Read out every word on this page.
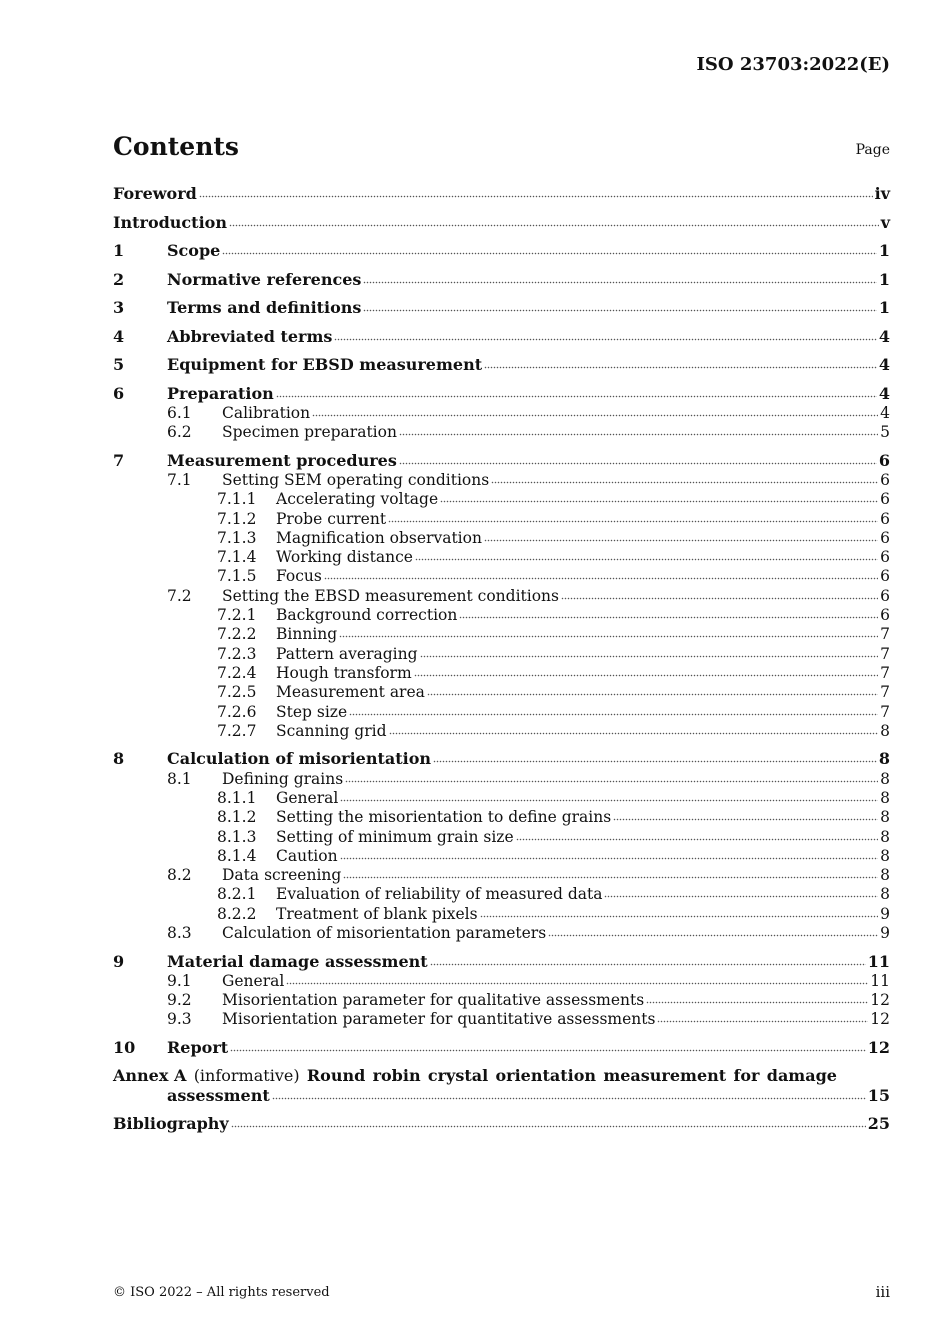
ISO 23703:2022(E)
Contents	Page
Foreword	iv
Introduction	v
1	Scope	1
2	Normative references	1
3	Terms and definitions	1
4	Abbreviated terms	4
5	Equipment for EBSD measurement	4
6	Preparation	4
6.1 Calibration	4
6.2 Specimen preparation	5
7	Measurement procedures	6
7.1 Setting SEM operating conditions	6
7.1.1 Accelerating voltage	6
7.1.2 Probe current	6
7.1.3 Magnification observation	6
7.1.4 Working distance	6
7.1.5 Focus	6
7.2 Setting the EBSD measurement conditions	6
7.2.1 Background correction	6
7.2.2 Binning	7
7.2.3 Pattern averaging	7
7.2.4 Hough transform	7
7.2.5 Measurement area	7
7.2.6 Step size	7
7.2.7 Scanning grid	8
8	Calculation of misorientation	8
8.1 Defining grains	8
8.1.1 General	8
8.1.2 Setting the misorientation to define grains	8
8.1.3 Setting of minimum grain size	8
8.1.4 Caution	8
8.2 Data screening	8
8.2.1 Evaluation of reliability of measured data	8
8.2.2 Treatment of blank pixels	9
8.3 Calculation of misorientation parameters	9
9	Material damage assessment	11
9.1 General	11
9.2 Misorientation parameter for qualitative assessments	12
9.3 Misorientation parameter for quantitative assessments	12
10 Report	12
Annex A (informative) Round robin crystal orientation measurement for damage
assessment	15
Bibliography	25
© ISO 2022 – All rights reserved	iii
